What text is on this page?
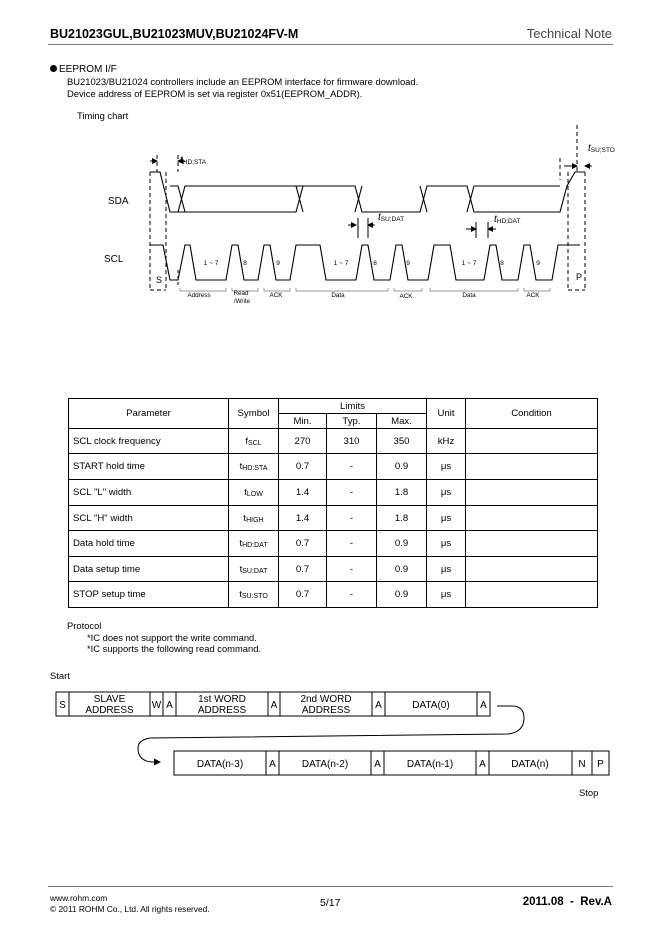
BU21023GUL,BU21023MUV,BU21024FV-M	Technical Note
EEPROM I/F
BU21023/BU21024 controllers include an EEPROM interface for firmware download.
Device address of EEPROM is set via register 0x51(EEPROM_ADDR).
Timing chart
SDA
SCL
tHD;STA
tSU;STO
tSU;DAT	tHD;DAT
1 ~ 7	8	9	1 ~ 7	8	9	1 ~ 7	8	9
S	P
Address	Read
/Write
ACK	Data	ACK	Data	ACK
Parameter	Symbol	Limits			Unit	Condition
		Min.	Typ.	Max.		
SCL clock frequency	$f_{SCL}$	270	310	350	kHz	
START hold time	$t_{HD:STA}$	0.7	-	0.9	μs	
SCL "L" width	$t_{LOW}$	1.4	-	1.8	μs	
SCL "H" width	$t_{HIGH}$	1.4	-	1.8	μs	
Data hold time	$t_{HD:DAT}$	0.7	-	0.9	μs	
Data setup time	$t_{SU:DAT}$	0.7	-	0.9	μs	
STOP setup time	$t_{SU:STO}$	0.7	-	0.9	μs	
Protocol
*IC does not support the write command.
*IC supports the following read command.
Start
S
SLAVE
ADDRESS W A
1st WORD
ADDRESS A
2nd WORD
ADDRESS A	DATA(0)	A
DATA(n-3)	A	DATA(n-2)	A	DATA(n-1)	A	DATA(n)	N P
Stop
www.rohm.com
© 2011 ROHM Co., Ltd. All rights reserved.	5/17	2011.08  -  Rev.A
